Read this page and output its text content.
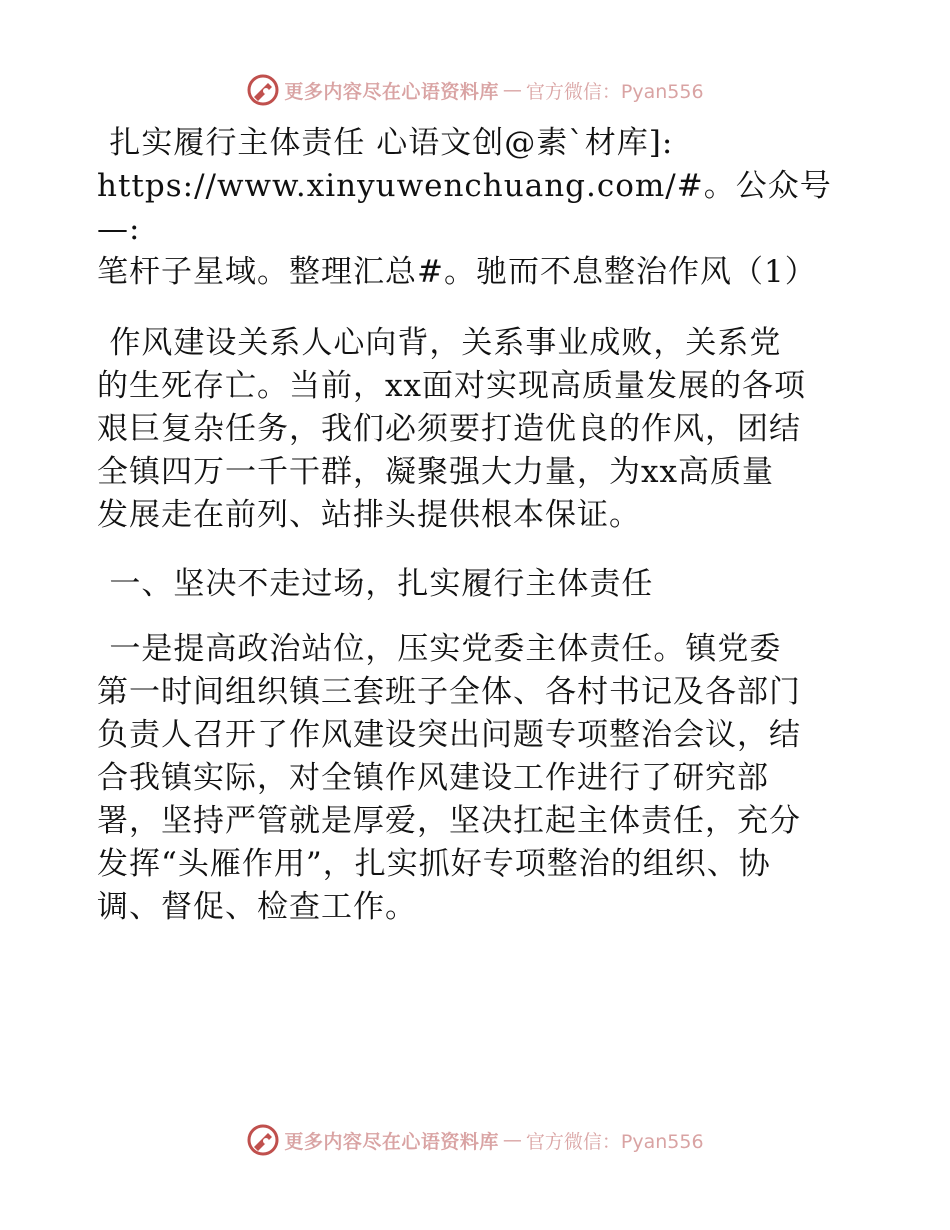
更多内容尽在心语资料库 — 官方微信：Pyan556

扎实履行主体责任 心语文创@素`材库]:
https://www.xinyuwenchuang.com/#。公众号—:
笔杆子星域。整理汇总#。驰而不息整治作风（1）

作风建设关系人心向背，关系事业成败，关系党
的生死存亡。当前，xx面对实现高质量发展的各项
艰巨复杂任务，我们必须要打造优良的作风，团结
全镇四万一千干群，凝聚强大力量，为xx高质量
发展走在前列、站排头提供根本保证。

一、坚决不走过场，扎实履行主体责任

一是提高政治站位，压实党委主体责任。镇党委
第一时间组织镇三套班子全体、各村书记及各部门
负责人召开了作风建设突出问题专项整治会议，结
合我镇实际，对全镇作风建设工作进行了研究部
署，坚持严管就是厚爱，坚决扛起主体责任，充分
发挥“头雁作用”，扎实抓好专项整治的组织、协
调、督促、检查工作。

更多内容尽在心语资料库 — 官方微信：Pyan556
